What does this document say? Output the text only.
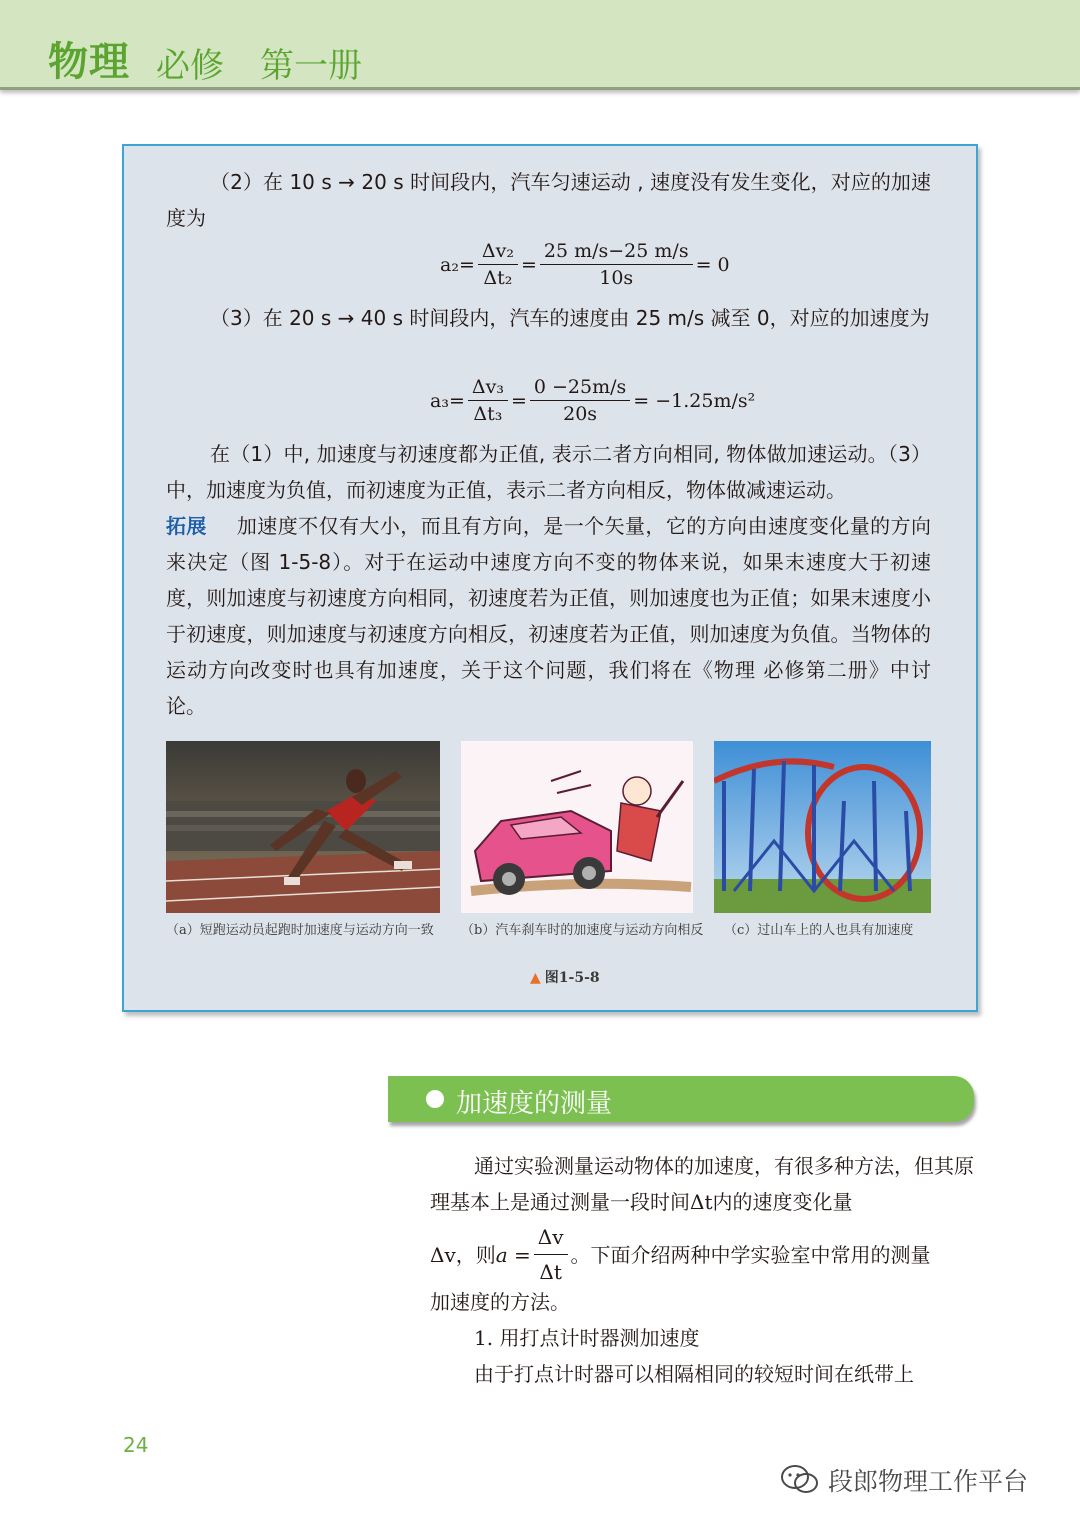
物理 必修 第一册
（2）在 10 s → 20 s 时间段内，汽车匀速运动 , 速度没有发生变化，对应的加速度为
$a_2= \frac{\text{Δv₂}}{\text{Δt₂}} = \frac{25 m/s-25 m/s}{10s} = 0$
（3）在 20 s → 40 s 时间段内，汽车的速度由 25 m/s 减至 0，对应的加速度为
$a_3= \frac{\text{Δv₃}}{\text{Δt₃}} = \frac{0 -25m/s}{20s} = -1.25m/s^2$
在（1）中, 加速度与初速度都为正值, 表示二者方向相同, 物体做加速运动。（3）中，加速度为负值，而初速度为正值，表示二者方向相反，物体做减速运动。
拓展 加速度不仅有大小，而且有方向，是一个矢量，它的方向由速度变化量的方向来决定（图 1-5-8）。对于在运动中速度方向不变的物体来说，如果末速度大于初速度，则加速度与初速度方向相同，初速度若为正值，则加速度也为正值；如果末速度小于初速度，则加速度与初速度方向相反，初速度若为正值，则加速度为负值。当物体的运动方向改变时也具有加速度，关于这个问题，我们将在《物理 必修第二册》中讨论。
（a）短跑运动员起跑时加速度与运动方向一致	（b）汽车刹车时的加速度与运动方向相反	（c）过山车上的人也具有加速度
▲ 图1-5-8
加速度的测量
通过实验测量运动物体的加速度，有很多种方法，但其原理基本上是通过测量一段时间Δt内的速度变化量
Δv，则 $a = \frac{\Delta v}{\Delta t}$ 。下面介绍两种中学实验室中常用的测量
加速度的方法。
1. 用打点计时器测加速度
由于打点计时器可以相隔相同的较短时间在纸带上
24
段郎物理工作平台
